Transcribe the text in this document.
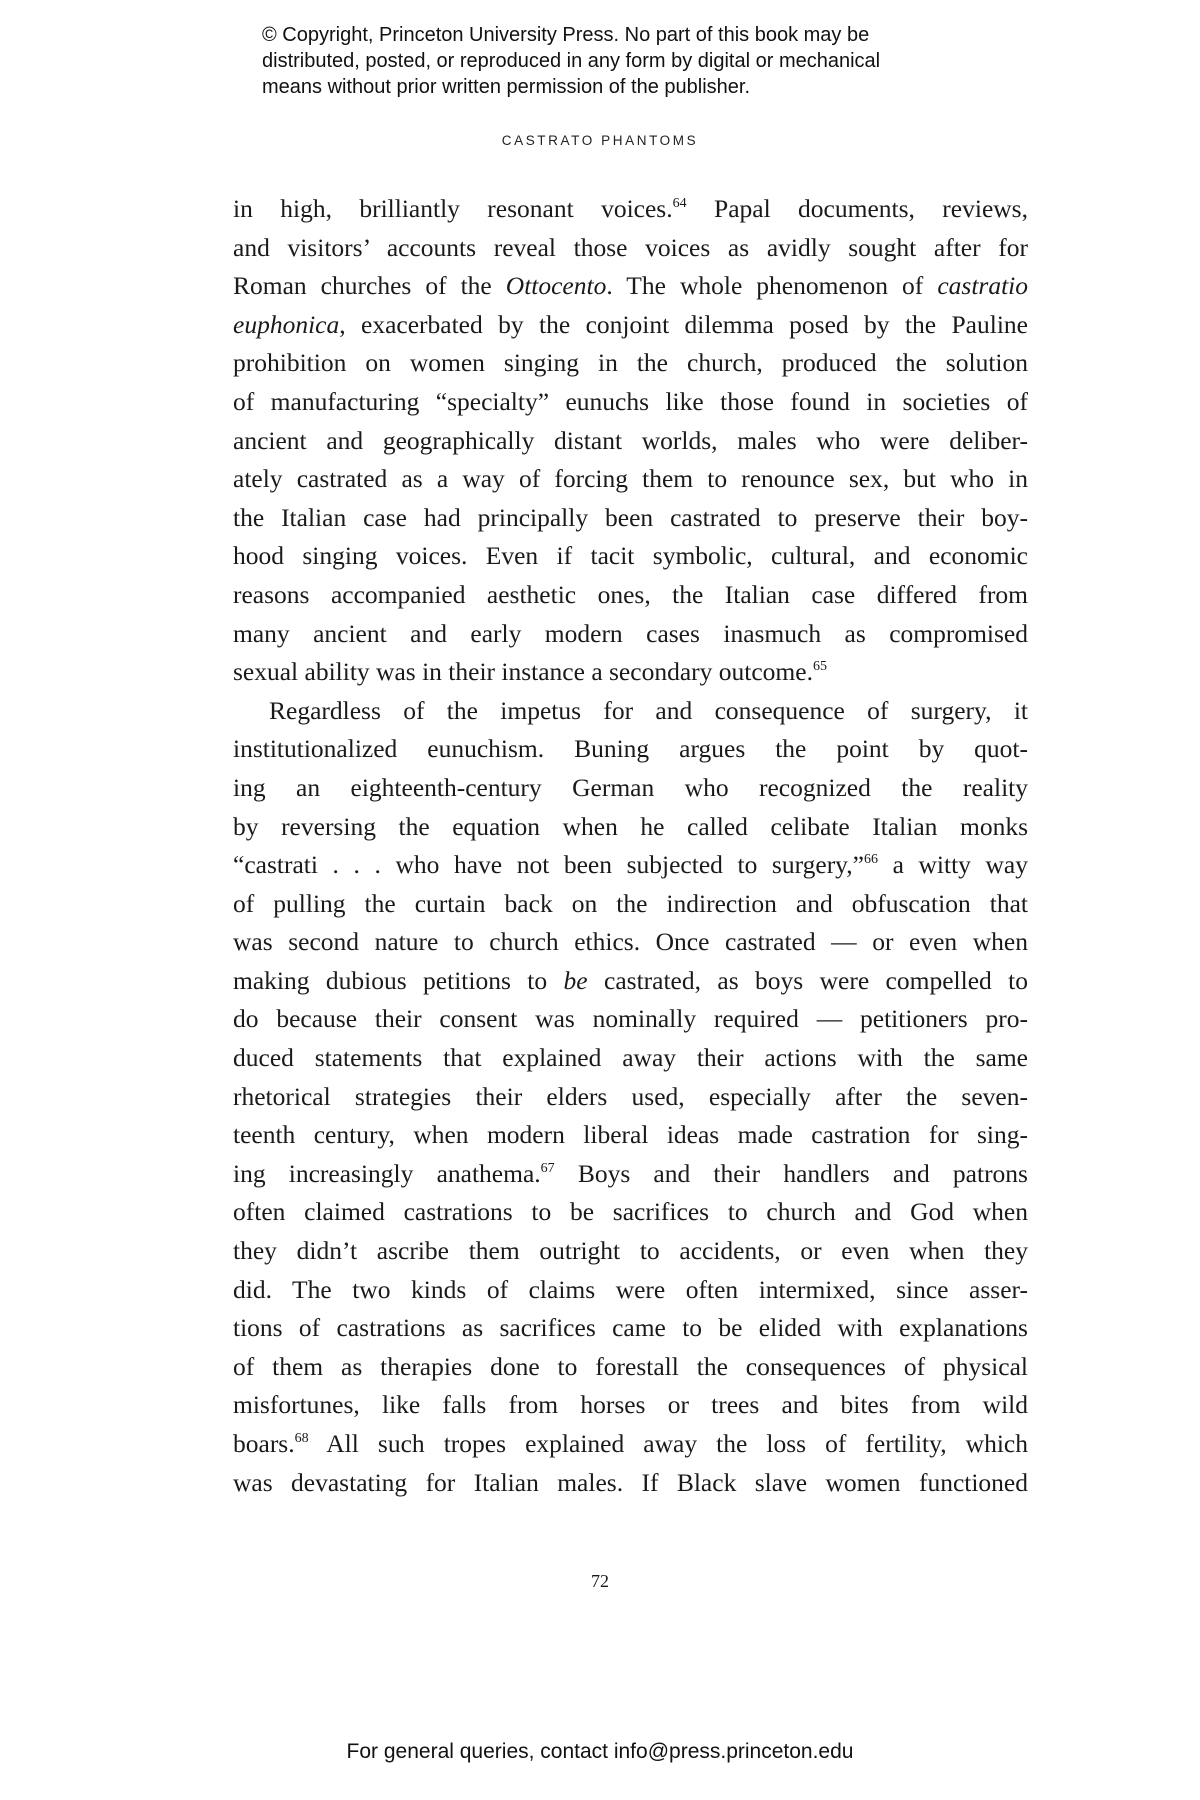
© Copyright, Princeton University Press. No part of this book may be
distributed, posted, or reproduced in any form by digital or mechanical
means without prior written permission of the publisher.
CASTRATO PHANTOMS
in high, brilliantly resonant voices.$^{64}$ Papal documents, reviews,
and visitors’ accounts reveal those voices as avidly sought after for
Roman churches of the Ottocento. The whole phenomenon of castratio
euphonica, exacerbated by the conjoint dilemma posed by the Pauline
prohibition on women singing in the church, produced the solution
of manufacturing “specialty” eunuchs like those found in societies of
ancient and geographically distant worlds, males who were deliber-
ately castrated as a way of forcing them to renounce sex, but who in
the Italian case had principally been castrated to preserve their boy-
hood singing voices. Even if tacit symbolic, cultural, and economic
reasons accompanied aesthetic ones, the Italian case differed from
many ancient and early modern cases inasmuch as compromised
sexual ability was in their instance a secondary outcome.$^{65}$
Regardless of the impetus for and consequence of surgery, it
institutionalized eunuchism. Buning argues the point by quot-
ing an eighteenth-century German who recognized the reality
by reversing the equation when he called celibate Italian monks
“castrati . . . who have not been subjected to surgery,”$^{66}$ a witty way
of pulling the curtain back on the indirection and obfuscation that
was second nature to church ethics. Once castrated — or even when
making dubious petitions to be castrated, as boys were compelled to
do because their consent was nominally required — petitioners pro-
duced statements that explained away their actions with the same
rhetorical strategies their elders used, especially after the seven-
teenth century, when modern liberal ideas made castration for sing-
ing increasingly anathema.$^{67}$ Boys and their handlers and patrons
often claimed castrations to be sacrifices to church and God when
they didn’t ascribe them outright to accidents, or even when they
did. The two kinds of claims were often intermixed, since asser-
tions of castrations as sacrifices came to be elided with explanations
of them as therapies done to forestall the consequences of physical
misfortunes, like falls from horses or trees and bites from wild
boars.$^{68}$ All such tropes explained away the loss of fertility, which
was devastating for Italian males. If Black slave women functioned
72
For general queries, contact info@press.princeton.edu
